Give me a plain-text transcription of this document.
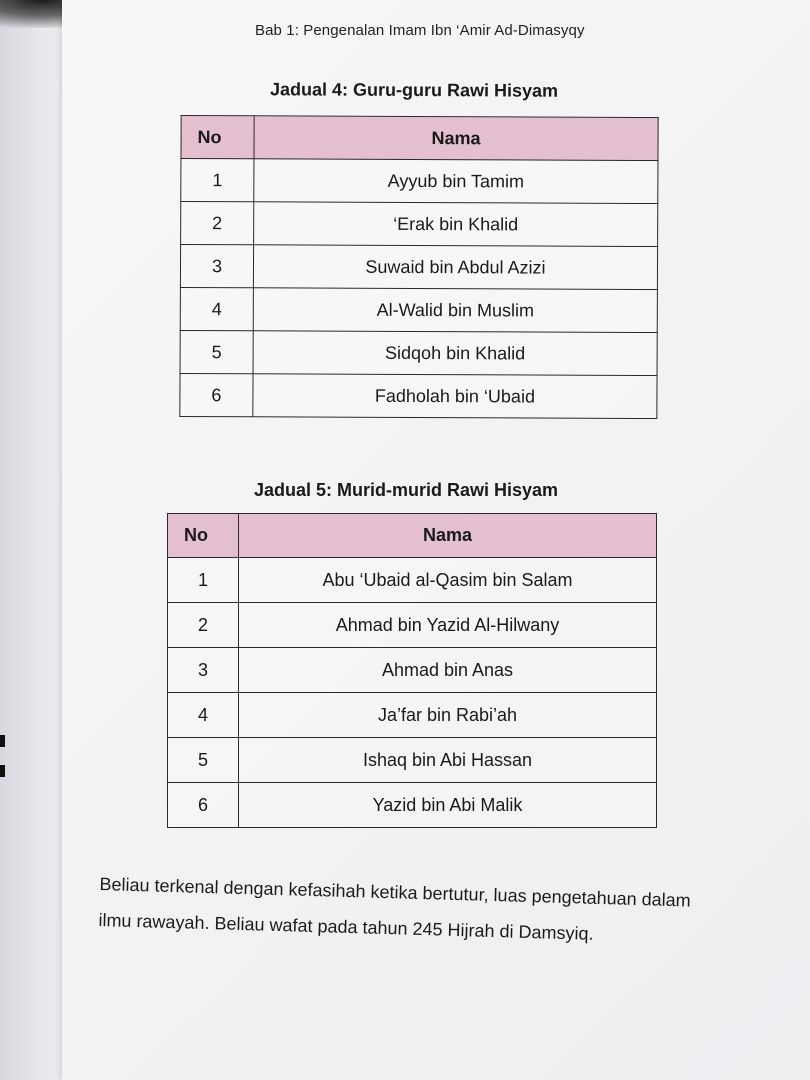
Bab 1: Pengenalan Imam Ibn ‘Amir Ad-Dimasyqy
Jadual 4: Guru-guru Rawi Hisyam
No	Nama
1	Ayyub bin Tamim
2	‘Erak bin Khalid
3	Suwaid bin Abdul Azizi
4	Al-Walid bin Muslim
5	Sidqoh bin Khalid
6	Fadholah bin ‘Ubaid
Jadual 5: Murid-murid Rawi Hisyam
No	Nama
1	Abu ‘Ubaid al-Qasim bin Salam
2	Ahmad bin Yazid Al-Hilwany
3	Ahmad bin Anas
4	Ja’far bin Rabi’ah
5	Ishaq bin Abi Hassan
6	Yazid bin Abi Malik
Beliau terkenal dengan kefasihah ketika bertutur, luas pengetahuan dalam
ilmu rawayah. Beliau wafat pada tahun 245 Hijrah di Damsyiq.
